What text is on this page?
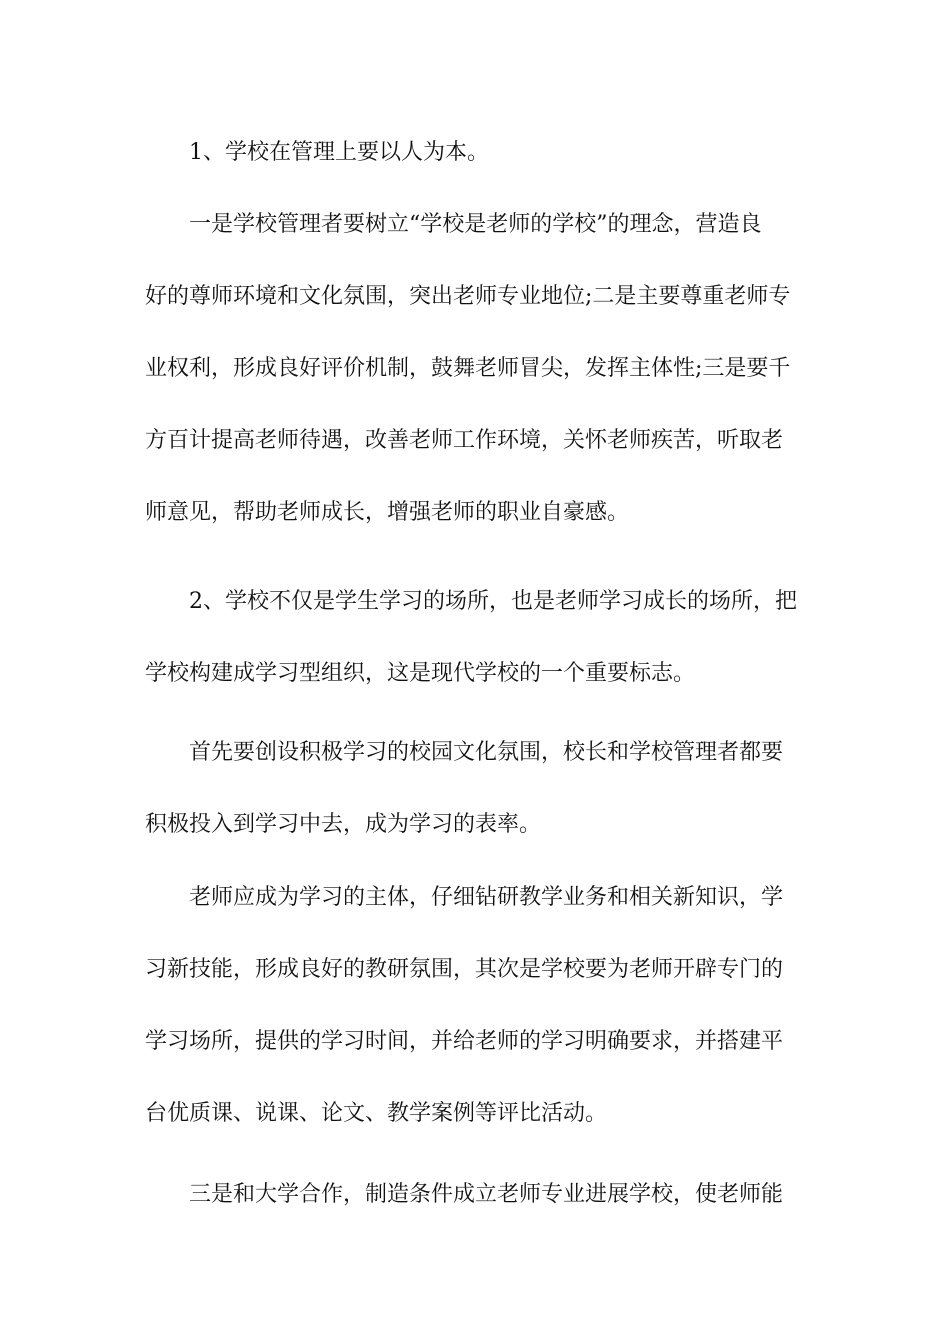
1、学校在管理上要以人为本。
一是学校管理者要树立“学校是老师的学校”的理念，营造良
好的尊师环境和文化氛围，突出老师专业地位;二是主要尊重老师专
业权利，形成良好评价机制，鼓舞老师冒尖，发挥主体性;三是要千
方百计提高老师待遇，改善老师工作环境，关怀老师疾苦，听取老
师意见，帮助老师成长，增强老师的职业自豪感。
2、学校不仅是学生学习的场所，也是老师学习成长的场所，把
学校构建成学习型组织，这是现代学校的一个重要标志。
首先要创设积极学习的校园文化氛围，校长和学校管理者都要
积极投入到学习中去，成为学习的表率。
老师应成为学习的主体，仔细钻研教学业务和相关新知识，学
习新技能，形成良好的教研氛围，其次是学校要为老师开辟专门的
学习场所，提供的学习时间，并给老师的学习明确要求，并搭建平
台优质课、说课、论文、教学案例等评比活动。
三是和大学合作，制造条件成立老师专业进展学校，使老师能
